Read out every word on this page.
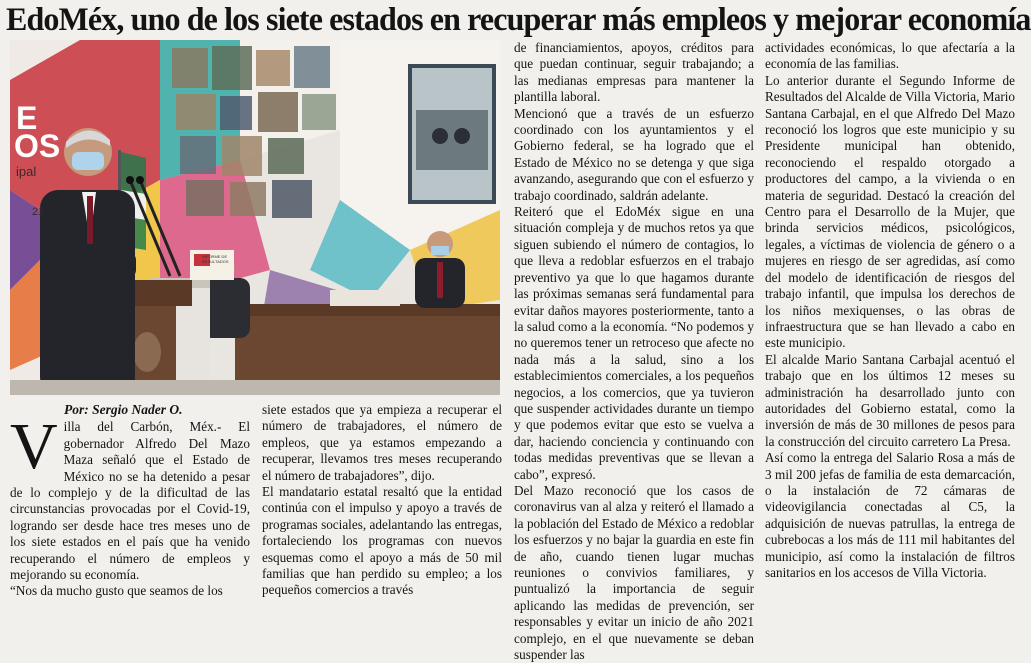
EdoMéx, uno de los siete estados en recuperar más empleos y mejorar economía
E
OS
ipal
21
INFORME DE RESULTADOS
Por: Sergio Nader O.

Villa del Carbón, Méx.- El gobernador Alfredo Del Mazo Maza señaló que el Estado de México no se ha detenido a pesar de lo complejo y de la dificultad de las circunstancias provocadas por el Covid-19, logrando ser desde hace tres meses uno de los siete estados en el país que ha venido recuperando el número de empleos y mejorando su economía.

“Nos da mucho gusto que seamos de los

siete estados que ya empieza a recuperar el número de trabajadores, el número de empleos, que ya estamos empezando a recuperar, llevamos tres meses recuperando el número de trabajadores”, dijo.

El mandatario estatal resaltó que la entidad continúa con el impulso y apoyo a través de programas sociales, adelantando las entregas, fortaleciendo los programas con nuevos esquemas como el apoyo a más de 50 mil familias que han perdido su empleo; a los pequeños comercios a través

de financiamientos, apoyos, créditos para que puedan continuar, seguir trabajando; a las medianas empresas para mantener la plantilla laboral.

Mencionó que a través de un esfuerzo coordinado con los ayuntamientos y el Gobierno federal, se ha logrado que el Estado de México no se detenga y que siga avanzando, asegurando que con el esfuerzo y trabajo coordinado, saldrán adelante.

Reiteró que el EdoMéx sigue en una situación compleja y de muchos retos ya que siguen subiendo el número de contagios, lo que lleva a redoblar esfuerzos en el trabajo preventivo ya que lo que hagamos durante las próximas semanas será fundamental para evitar daños mayores posteriormente, tanto a la salud como a la economía. “No podemos y no queremos tener un retroceso que afecte no nada más a la salud, sino a los establecimientos comerciales, a los pequeños negocios, a los comercios, que ya tuvieron que suspender actividades durante un tiempo y que podemos evitar que esto se vuelva a dar, haciendo conciencia y continuando con todas medidas preventivas que se llevan a cabo”, expresó.

Del Mazo reconoció que los casos de coronavirus van al alza y reiteró el llamado a la población del Estado de México a redoblar los esfuerzos y no bajar la guardia en este fin de año, cuando tienen lugar muchas reuniones o convivios familiares, y puntualizó la importancia de seguir aplicando las medidas de prevención, ser responsables y evitar un inicio de año 2021 complejo, en el que nuevamente se deban suspender las

actividades económicas, lo que afectaría a la economía de las familias.

Lo anterior durante el Segundo Informe de Resultados del Alcalde de Villa Victoria, Mario Santana Carbajal, en el que Alfredo Del Mazo reconoció los logros que este municipio y su Presidente municipal han obtenido, reconociendo el respaldo otorgado a productores del campo, a la vivienda o en materia de seguridad. Destacó la creación del Centro para el Desarrollo de la Mujer, que brinda servicios médicos, psicológicos, legales, a víctimas de violencia de género o a mujeres en riesgo de ser agredidas, así como del modelo de identificación de riesgos del trabajo infantil, que impulsa los derechos de los niños mexiquenses, o las obras de infraestructura que se han llevado a cabo en este municipio.

El alcalde Mario Santana Carbajal acentuó el trabajo que en los últimos 12 meses su administración ha desarrollado junto con autoridades del Gobierno estatal, como la inversión de más de 30 millones de pesos para la construcción del circuito carretero La Presa.

Así como la entrega del Salario Rosa a más de 3 mil 200 jefas de familia de esta demarcación, o la instalación de 72 cámaras de videovigilancia conectadas al C5, la adquisición de nuevas patrullas, la entrega de cubrebocas a los más de 111 mil habitantes del municipio, así como la instalación de filtros sanitarios en los accesos de Villa Victoria.
